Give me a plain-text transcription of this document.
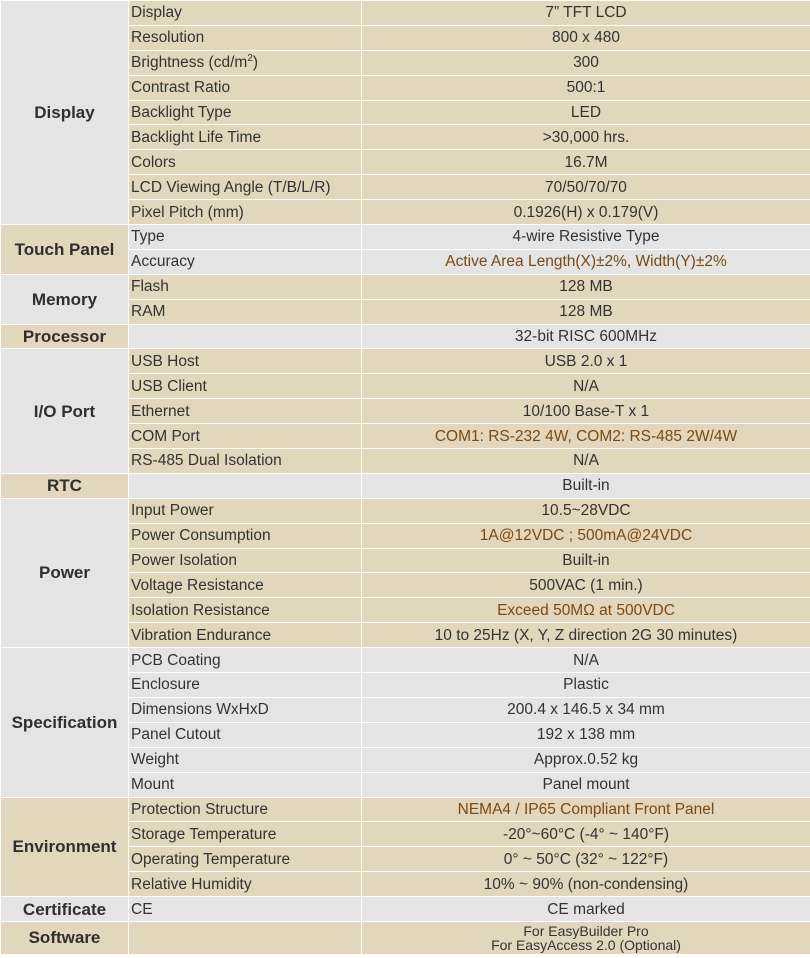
Display	Display	7” TFT LCD
	Resolution	800 x 480
	Brightness $(cd/m^2)$	300
	Contrast Ratio	500:1
	Backlight Type	LED
	Backlight Life Time	>30,000 hrs.
	Colors	16.7M
	LCD Viewing Angle (T/B/L/R)	70/50/70/70
	Pixel Pitch (mm)	0.1926(H) x 0.179(V)
Touch Panel	Type	4-wire Resistive Type
	Accuracy	Active Area Length(X)±2%, Width(Y)±2%
Memory	Flash	128 MB
	RAM	128 MB
Processor		32-bit RISC 600MHz
I/O Port	USB Host	USB 2.0 x 1
	USB Client	N/A
	Ethernet	10/100 Base-T x 1
	COM Port	COM1: RS-232 4W, COM2: RS-485 2W/4W
	RS-485 Dual Isolation	N/A
RTC		Built-in
Power	Input Power	10.5~28VDC
	Power Consumption	1A@12VDC ; 500mA@24VDC
	Power Isolation	Built-in
	Voltage Resistance	500VAC (1 min.)
	Isolation Resistance	Exceed 50MΩ at 500VDC
	Vibration Endurance	10 to 25Hz (X, Y, Z direction 2G 30 minutes)
Specification	PCB Coating	N/A
	Enclosure	Plastic
	Dimensions WxHxD	200.4 x 146.5 x 34 mm
	Panel Cutout	192 x 138 mm
	Weight	Approx.0.52 kg
	Mount	Panel mount
Environment	Protection Structure	NEMA4 / IP65 Compliant Front Panel
	Storage Temperature	-20°~60°C (-4° ~ 140°F)
	Operating Temperature	0° ~ 50°C (32° ~ 122°F)
	Relative Humidity	10% ~ 90% (non-condensing)
Certificate	CE	CE marked
Software		For EasyBuilder Pro
For EasyAccess 2.0 (Optional)
